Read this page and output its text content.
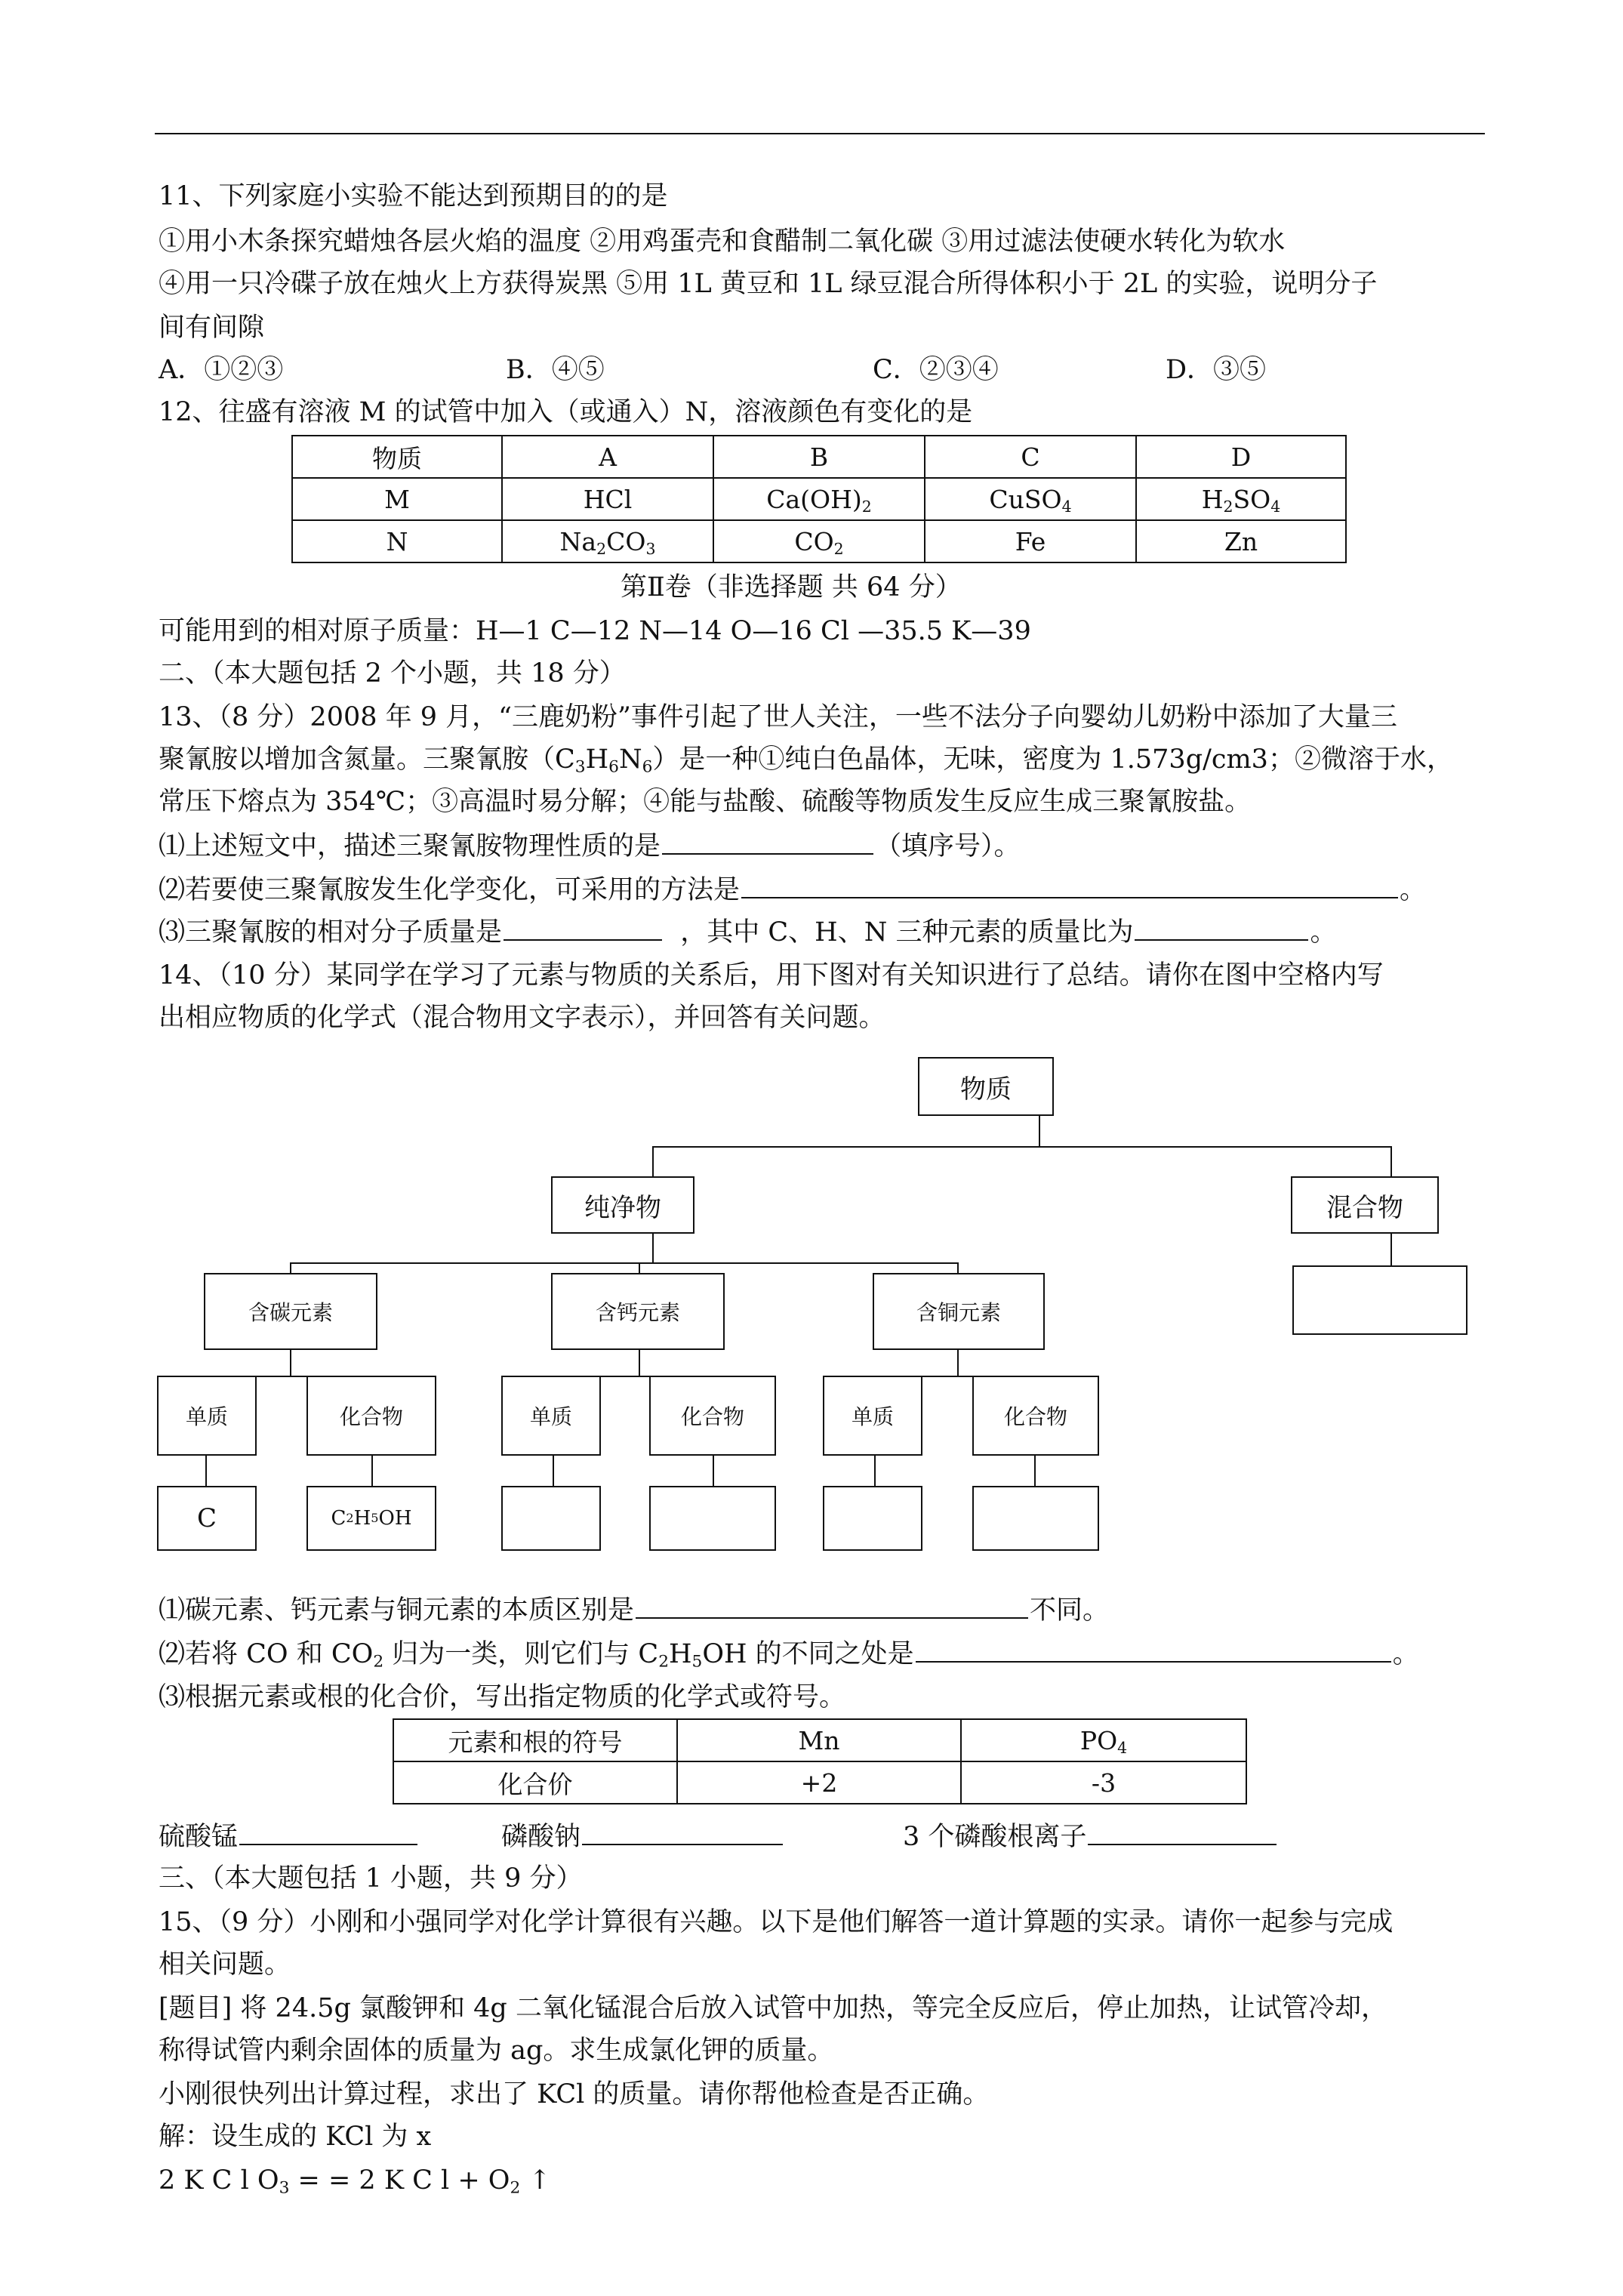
11、下列家庭小实验不能达到预期目的的是
①用小木条探究蜡烛各层火焰的温度 ②用鸡蛋壳和食醋制二氧化碳 ③用过滤法使硬水转化为软水
④用一只冷碟子放在烛火上方获得炭黑 ⑤用 1L 黄豆和 1L 绿豆混合所得体积小于 2L 的实验，说明分子
间有间隙
A．①②③	B．④⑤	C．②③④	D．③⑤
12、往盛有溶液 M 的试管中加入（或通入）N，溶液颜色有变化的是
物质	A	B	C	D
M	HCl	$Ca(OH)_2$	CuSO$_4$	$H_2SO_4$
N	$Na_2CO_3$	$CO_2$	Fe	Zn
第Ⅱ卷（非选择题 共 64 分）
可能用到的相对原子质量：H—1 C—12 N—14 O—16 Cl —35.5 K—39
二、（本大题包括 2 个小题，共 18 分）
13、（8 分）2008 年 9 月，“三鹿奶粉”事件引起了世人关注，一些不法分子向婴幼儿奶粉中添加了大量三
聚氰胺以增加含氮量。三聚氰胺$(C_3H_6N_6)$是一种①纯白色晶体，无味，密度为 1.573g/cm3；②微溶于水，
常压下熔点为 354℃；③高温时易分解；④能与盐酸、硫酸等物质发生反应生成三聚氰胺盐。
⑴上述短文中，描述三聚氰胺物理性质的是	（填序号）。
⑵若要使三聚氰胺发生化学变化，可采用的方法是	。
⑶三聚氰胺的相对分子质量是	，其中 C、H、N 三种元素的质量比为	。
14、（10 分）某同学在学习了元素与物质的关系后，用下图对有关知识进行了总结。请你在图中空格内写
出相应物质的化学式（混合物用文字表示），并回答有关问题。
物质
纯净物	混合物
含碳元素	含钙元素	含铜元素
单质	化合物	单质	化合物	单质	化合物
C	C 2 H 5 OH
⑴碳元素、钙元素与铜元素的本质区别是	不同。
⑵若将 CO 和 $CO_2$ 归为一类，则它们与 $C_2H_5OH$ 的不同之处是	。
⑶根据元素或根的化合价，写出指定物质的化学式或符号。
元素和根的符号	Mn	$PO_4$
化合价	+2	-3
硫酸锰	磷酸钠	3 个磷酸根离子
三、（本大题包括 1 小题，共 9 分）
15、（9 分）小刚和小强同学对化学计算很有兴趣。以下是他们解答一道计算题的实录。请你一起参与完成
相关问题。
[题目] 将 24.5g 氯酸钾和 4g 二氧化锰混合后放入试管中加热，等完全反应后，停止加热，让试管冷却，
称得试管内剩余固体的质量为 ag。求生成氯化钾的质量。
小刚很快列出计算过程，求出了 KCl 的质量。请你帮他检查是否正确。
解：设生成的 KCl 为 x
2 K C l $O_3$ = = 2 K C $l + O_2$ ↑
